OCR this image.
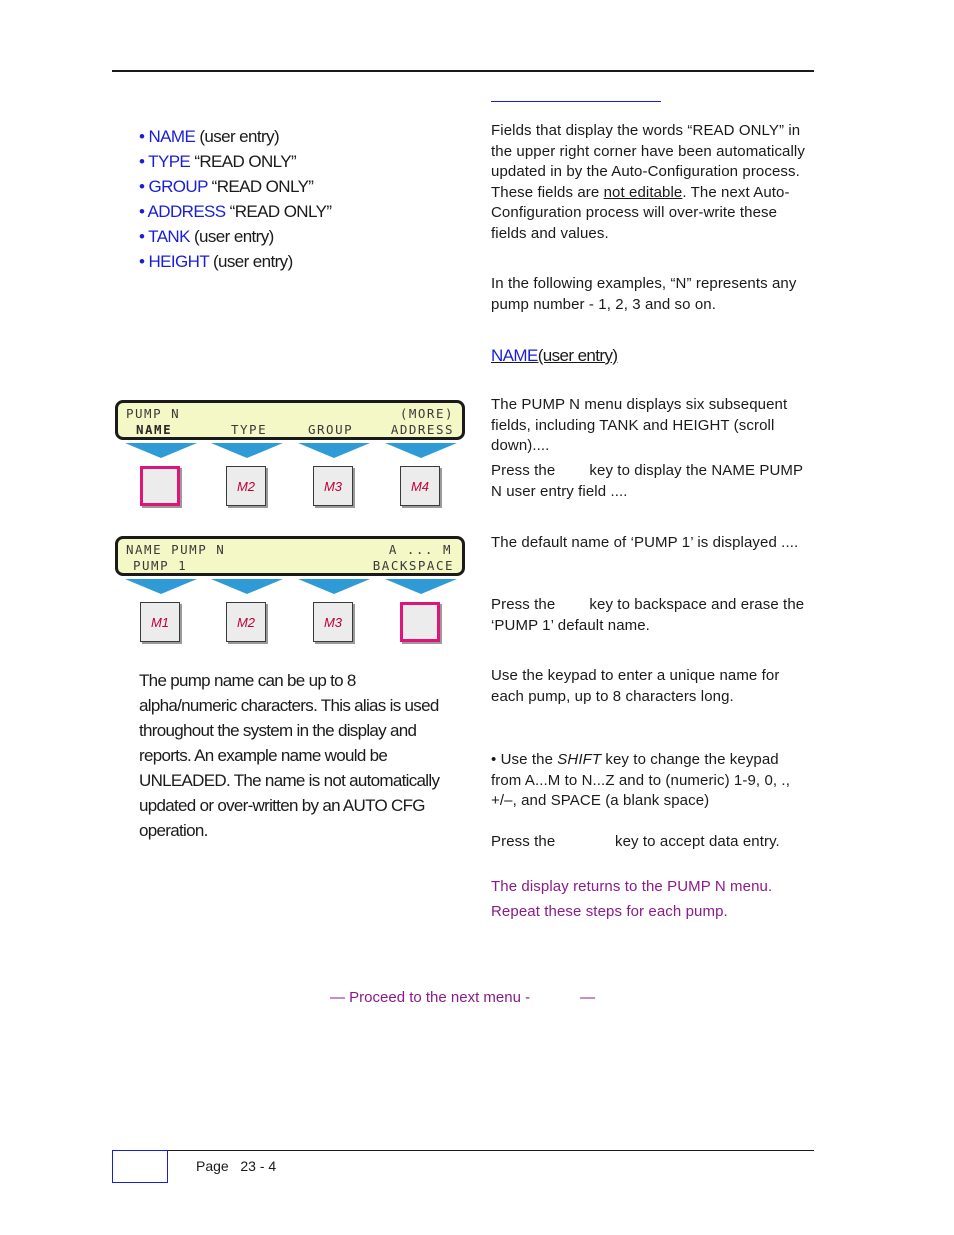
• NAME (user entry)
• TYPE “READ ONLY”
• GROUP “READ ONLY”
• ADDRESS “READ ONLY”
• TANK (user entry)
• HEIGHT (user entry)
Fields that display the words “READ ONLY” in the upper right corner have been automatically updated in by the Auto-Configuration process. These fields are not editable. The next Auto-Configuration process will over-write these fields and values.
In the following examples, “N” represents any pump number - 1, 2, 3 and so on.
NAME(user entry)
The PUMP N menu displays six subsequent fields, including TANK and HEIGHT (scroll down)....
Press the        key to display the NAME PUMP N user entry field ....
The default name of ‘PUMP 1’ is displayed ....
Press the        key to backspace and erase the ‘PUMP 1’ default name.
Use the keypad to enter a unique name for each pump, up to 8 characters long.
• Use the SHIFT key to change the keypad from A...M to N...Z and to (numeric) 1-9, 0, ., +/–, and SPACE (a blank space)
Press the              key to accept data entry.
The display returns to the PUMP N menu.
Repeat these steps for each pump.
PUMP N	(MORE)
NAME	TYPE	GROUP	ADDRESS
M2	M3	M4
NAME PUMP N	A ... M
PUMP 1	BACKSPACE
M1	M2	M3
The pump name can be up to 8 alpha/numeric characters. This alias is used throughout the system in the display and reports. An example name would be UNLEADED. The name is not automatically updated or over-written by an AUTO CFG operation.
— Proceed to the next menu -            —
Page 23 - 4
